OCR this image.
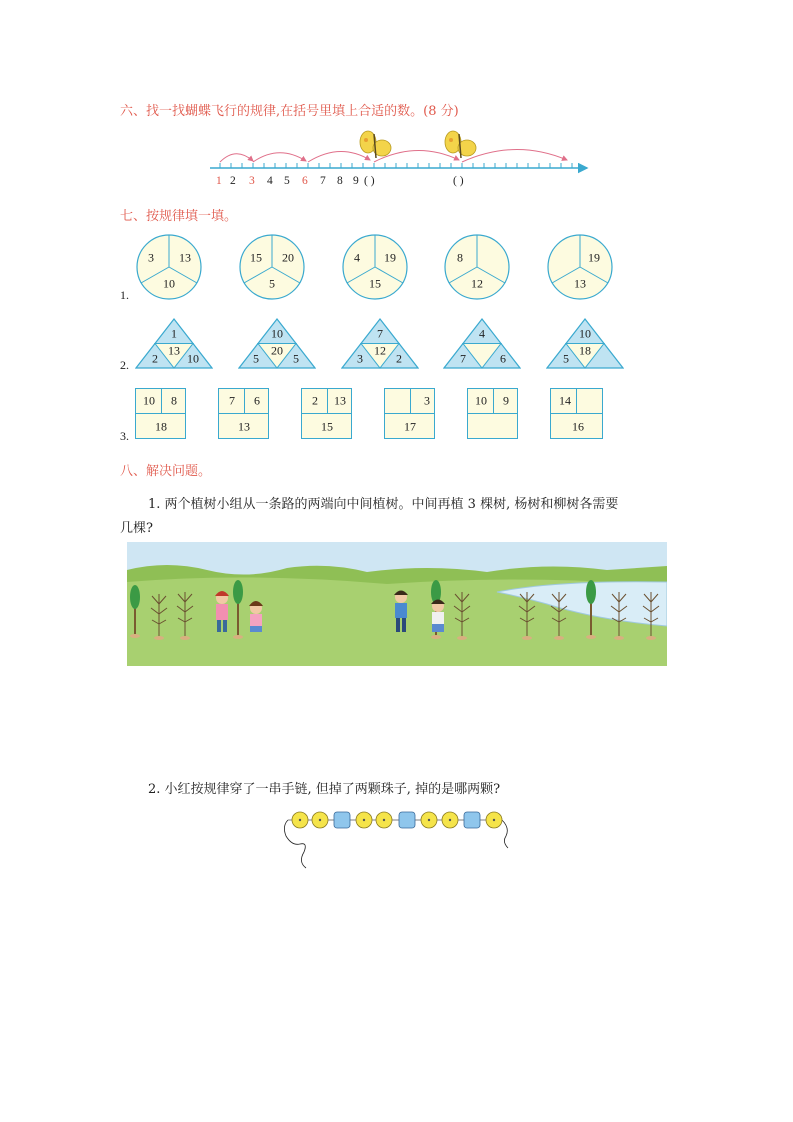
六、找一找蝴蝶飞行的规律,在括号里填上合适的数。(8 分)
1 2 3 4 5 6 7 8 9 ( )	( )
七、按规律填一填。
1.
3 13
10
15 20
5
4 19
15
8
12
19
13
2.
1
13
2 10
10
20
5	5
7
12
3	2
4
7	6
10
18
5
3.
10 8
18
7 6
13
2 13
15
3
17
10 9	14
16
八、解决问题。
1. 两个植树小组从一条路的两端向中间植树。中间再植 3 棵树, 杨树和柳树各需要
几棵?
2. 小红按规律穿了一串手链, 但掉了两颗珠子, 掉的是哪两颗?
